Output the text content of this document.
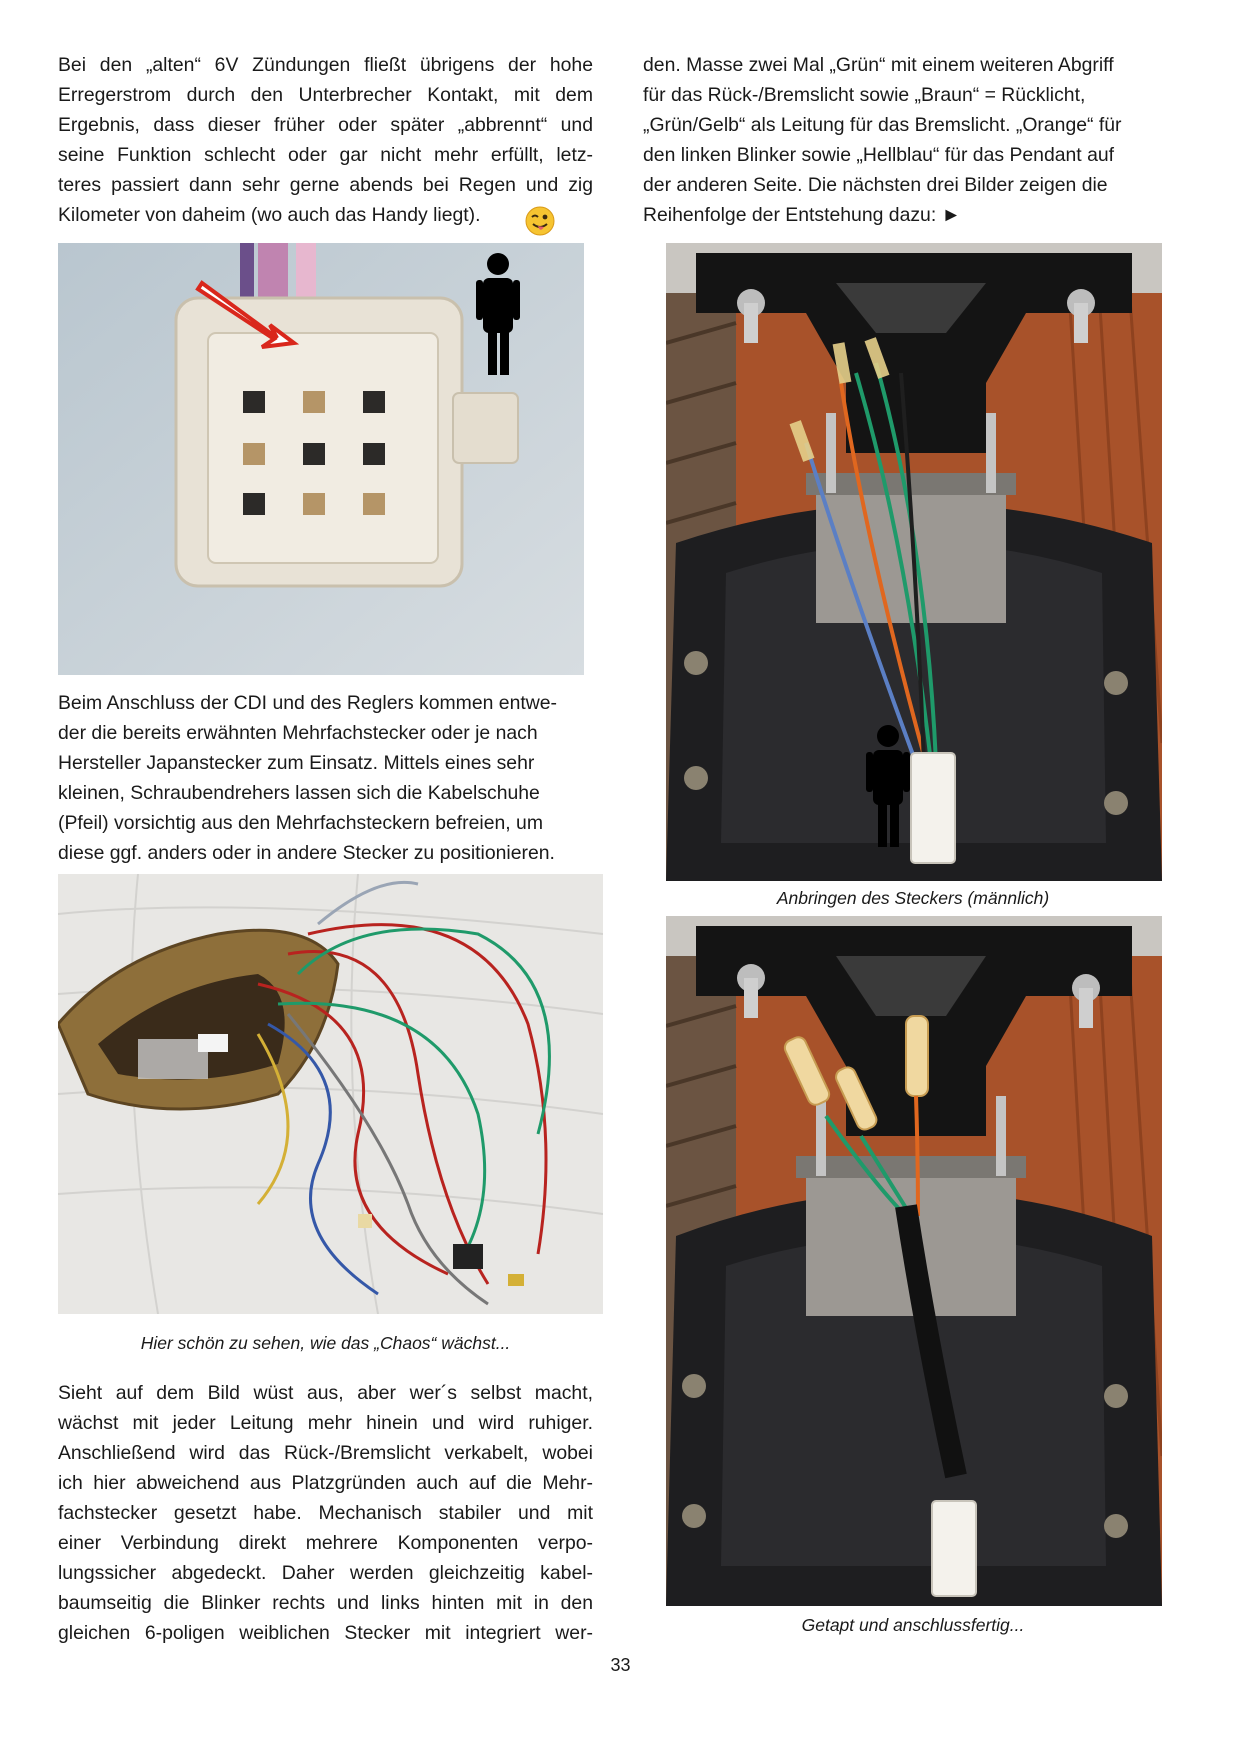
Bei den „alten“ 6V Zündungen fließt übrigens der hohe
Erregerstrom durch den Unterbrecher Kontakt, mit dem
Ergebnis, dass dieser früher oder später „abbrennt“ und
seine Funktion schlecht oder gar nicht mehr erfüllt, letz-
teres passiert dann sehr gerne abends bei Regen und zig
Kilometer von daheim (wo auch das Handy liegt).
Beim Anschluss der CDI und des Reglers kommen entwe-
der die bereits erwähnten Mehrfachstecker oder je nach
Hersteller Japanstecker zum Einsatz. Mittels eines sehr
kleinen, Schraubendrehers lassen sich die Kabelschuhe
(Pfeil) vorsichtig aus den Mehrfachsteckern befreien, um
diese ggf. anders oder in andere Stecker zu positionieren.

Hier schön zu sehen, wie das „Chaos“ wächst...

Sieht auf dem Bild wüst aus, aber wer´s selbst macht,
wächst mit jeder Leitung mehr hinein und wird ruhiger.
Anschließend wird das Rück-/Bremslicht verkabelt, wobei
ich hier abweichend aus Platzgründen auch auf die Mehr-
fachstecker gesetzt habe. Mechanisch stabiler und mit
einer Verbindung direkt mehrere Komponenten verpo-
lungssicher abgedeckt. Daher werden gleichzeitig kabel-
baumseitig die Blinker rechts und links hinten mit in den
gleichen 6-poligen weiblichen Stecker mit integriert wer-
den. Masse zwei Mal „Grün“ mit einem weiteren Abgriff
für das Rück-/Bremslicht sowie „Braun“ = Rücklicht,
„Grün/Gelb“ als Leitung für das Bremslicht. „Orange“ für
den linken Blinker sowie „Hellblau“ für das Pendant auf
der anderen Seite. Die nächsten drei Bilder zeigen die
Reihenfolge der Entstehung dazu: ►

Anbringen des Steckers (männlich)

Getapt und anschlussfertig...

33
